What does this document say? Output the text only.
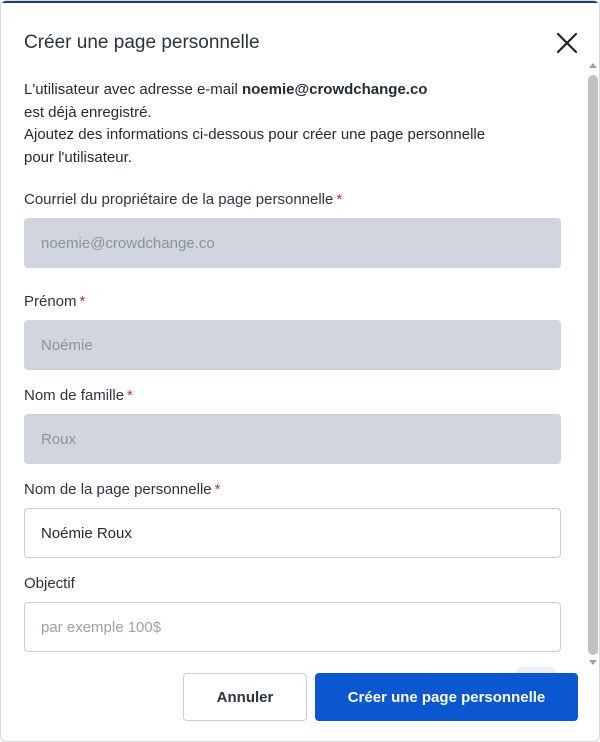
Créer une page personnelle
L'utilisateur avec adresse e-mail noemie@crowdchange.co
est déjà enregistré.
Ajoutez des informations ci-dessous pour créer une page personnelle
pour l'utilisateur.
Courriel du propriétaire de la page personnelle *
noemie@crowdchange.co
Prénom *
Noémie
Nom de famille *
Roux
Nom de la page personnelle *
Noémie Roux
Objectif
par exemple 100$
Annuler	Créer une page personnelle
